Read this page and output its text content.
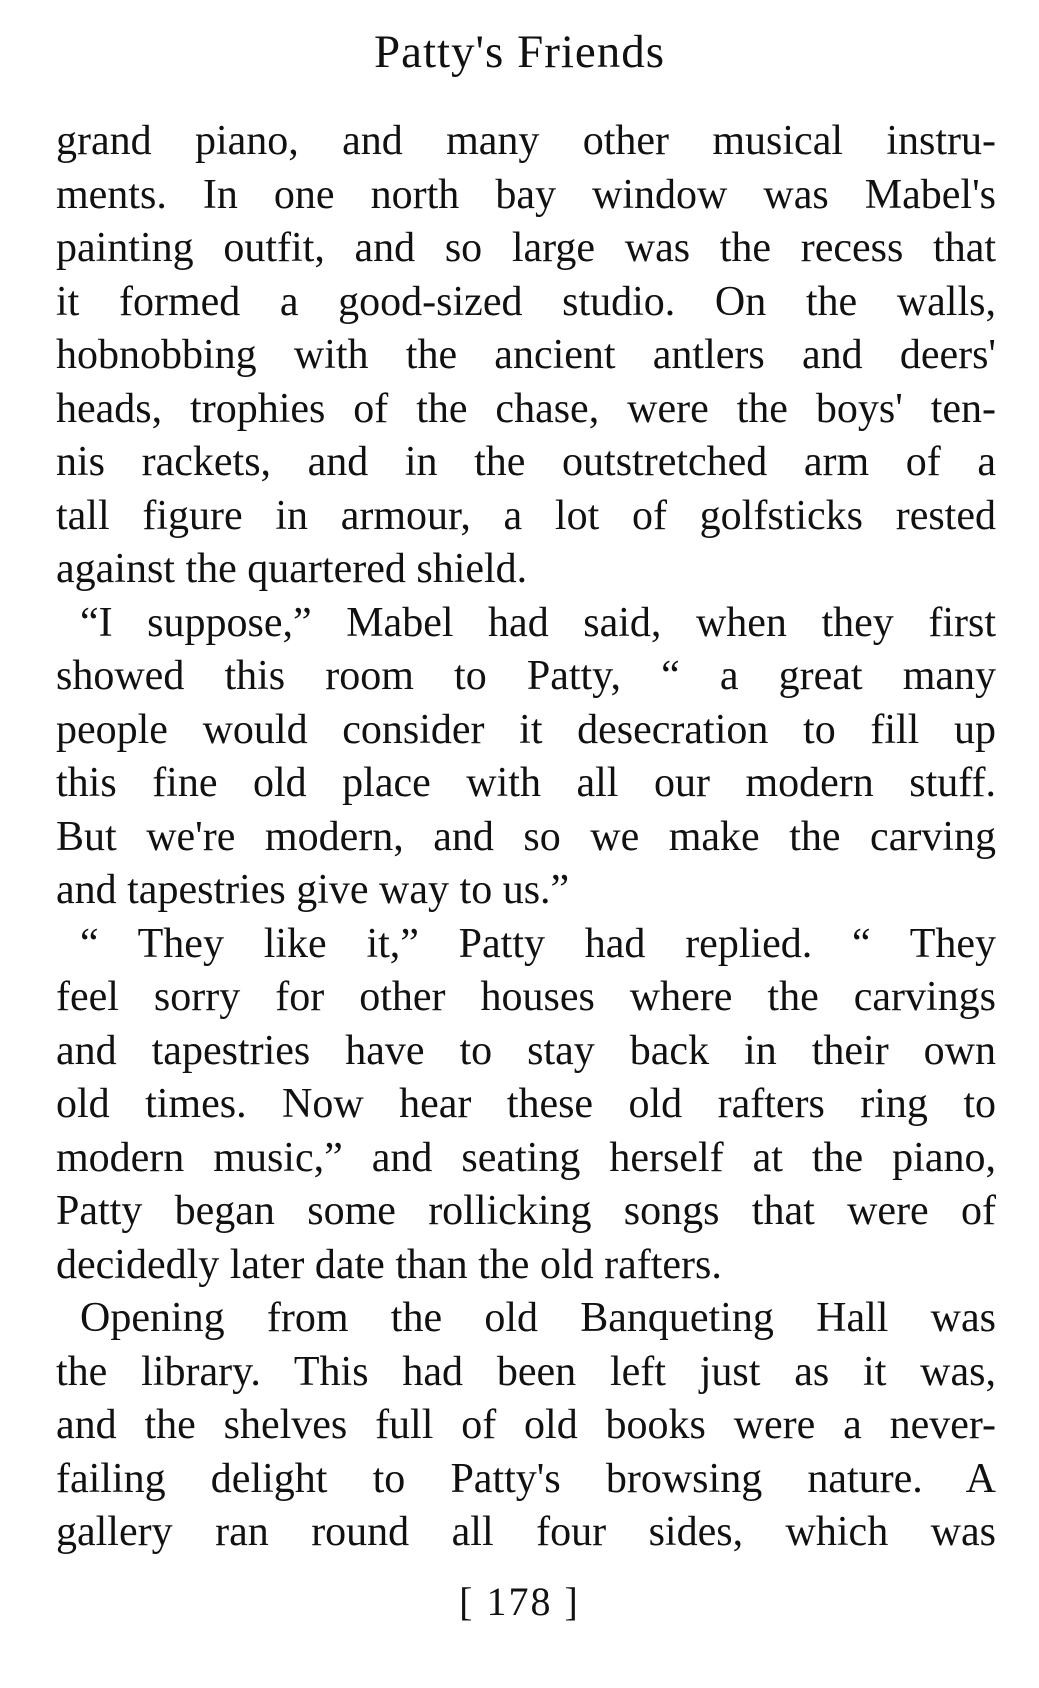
Patty's Friends
grand piano, and many other musical instru-
ments. In one north bay window was Mabel's
painting outfit, and so large was the recess that
it formed a good-sized studio. On the walls,
hobnobbing with the ancient antlers and deers'
heads, trophies of the chase, were the boys' ten-
nis rackets, and in the outstretched arm of a
tall figure in armour, a lot of golfsticks rested
against the quartered shield.
“I suppose,” Mabel had said, when they first
showed this room to Patty, “ a great many
people would consider it desecration to fill up
this fine old place with all our modern stuff.
But we're modern, and so we make the carving
and tapestries give way to us.”
“ They like it,” Patty had replied. “ They
feel sorry for other houses where the carvings
and tapestries have to stay back in their own
old times. Now hear these old rafters ring to
modern music,” and seating herself at the piano,
Patty began some rollicking songs that were of
decidedly later date than the old rafters.
Opening from the old Banqueting Hall was
the library. This had been left just as it was,
and the shelves full of old books were a never-
failing delight to Patty's browsing nature. A
gallery ran round all four sides, which was
[ 178 ]
